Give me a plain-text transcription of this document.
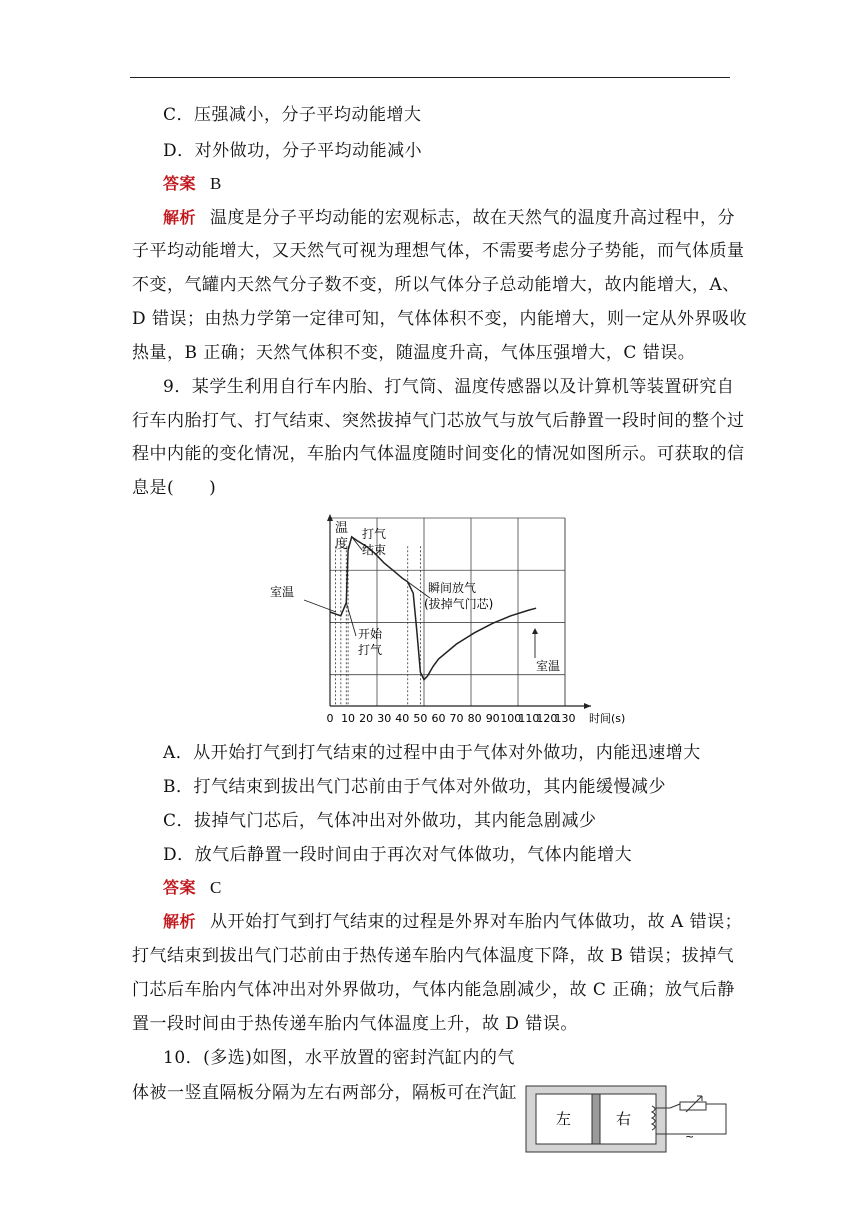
C．压强减小，分子平均动能增大
D．对外做功，分子平均动能减小
答案 B
解析 温度是分子平均动能的宏观标志，故在天然气的温度升高过程中，分
子平均动能增大，又天然气可视为理想气体，不需要考虑分子势能，而气体质量
不变，气罐内天然气分子数不变，所以气体分子总动能增大，故内能增大，A、
D 错误；由热力学第一定律可知，气体体积不变，内能增大，则一定从外界吸收
热量，B 正确；天然气体积不变，随温度升高，气体压强增大，C 错误。
9．某学生利用自行车内胎、打气筒、温度传感器以及计算机等装置研究自
行车内胎打气、打气结束、突然拔掉气门芯放气与放气后静置一段时间的整个过
程中内能的变化情况，车胎内气体温度随时间变化的情况如图所示。可获取的信
息是(　　)
0 10 20 30 40 50 60 70 80 90 100
110
120
130
室温
开始
打气
打气
结束
瞬间放气
(拔掉气门芯)
室温
温度
时间(s)
A．从开始打气到打气结束的过程中由于气体对外做功，内能迅速增大
B．打气结束到拔出气门芯前由于气体对外做功，其内能缓慢减少
C．拔掉气门芯后，气体冲出对外做功，其内能急剧减少
D．放气后静置一段时间由于再次对气体做功，气体内能增大
答案 C
解析 从开始打气到打气结束的过程是外界对车胎内气体做功，故 A 错误；
打气结束到拔出气门芯前由于热传递车胎内气体温度下降，故 B 错误；拔掉气
门芯后车胎内气体冲出对外界做功，气体内能急剧减少，故 C 正确；放气后静
置一段时间由于热传递车胎内气体温度上升，故 D 错误。
10．(多选)如图，水平放置的密封汽缸内的气
体被一竖直隔板分隔为左右两部分，隔板可在汽缸
左	右
~
